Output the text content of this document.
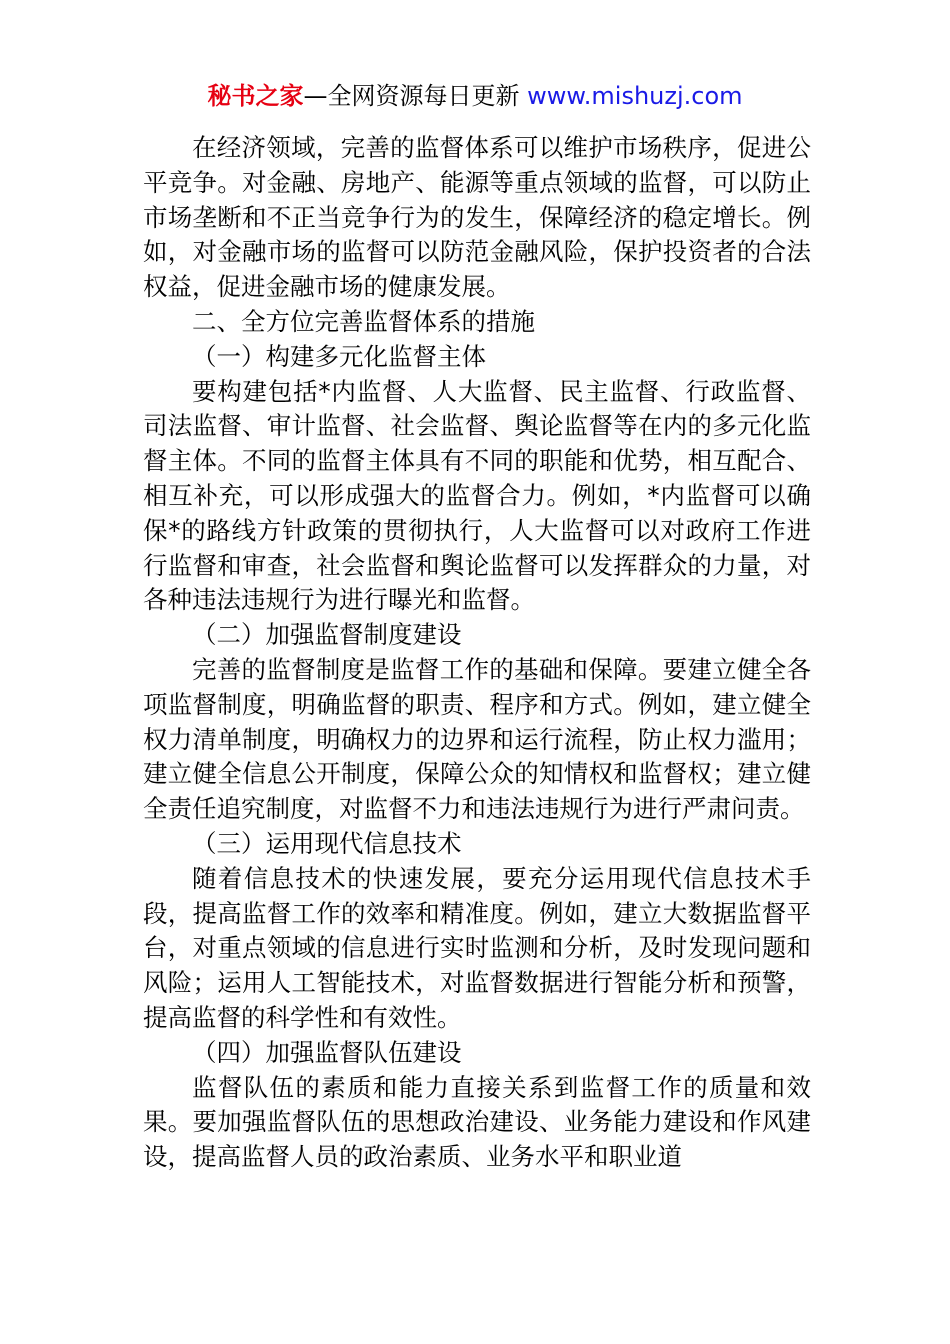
秘书之家—全网资源每日更新 www.mishuzj.com

在经济领域，完善的监督体系可以维护市场秩序，促进公平竞争。对金融、房地产、能源等重点领域的监督，可以防止市场垄断和不正当竞争行为的发生，保障经济的稳定增长。例如，对金融市场的监督可以防范金融风险，保护投资者的合法权益，促进金融市场的健康发展。

二、全方位完善监督体系的措施

（一）构建多元化监督主体

要构建包括*内监督、人大监督、民主监督、行政监督、司法监督、审计监督、社会监督、舆论监督等在内的多元化监督主体。不同的监督主体具有不同的职能和优势，相互配合、相互补充，可以形成强大的监督合力。例如，*内监督可以确保*的路线方针政策的贯彻执行，人大监督可以对政府工作进行监督和审查，社会监督和舆论监督可以发挥群众的力量，对各种违法违规行为进行曝光和监督。

（二）加强监督制度建设

完善的监督制度是监督工作的基础和保障。要建立健全各项监督制度，明确监督的职责、程序和方式。例如，建立健全权力清单制度，明确权力的边界和运行流程，防止权力滥用；建立健全信息公开制度，保障公众的知情权和监督权；建立健全责任追究制度，对监督不力和违法违规行为进行严肃问责。

（三）运用现代信息技术

随着信息技术的快速发展，要充分运用现代信息技术手段，提高监督工作的效率和精准度。例如，建立大数据监督平台，对重点领域的信息进行实时监测和分析，及时发现问题和风险；运用人工智能技术，对监督数据进行智能分析和预警，提高监督的科学性和有效性。

（四）加强监督队伍建设

监督队伍的素质和能力直接关系到监督工作的质量和效果。要加强监督队伍的思想政治建设、业务能力建设和作风建设，提高监督人员的政治素质、业务水平和职业道
